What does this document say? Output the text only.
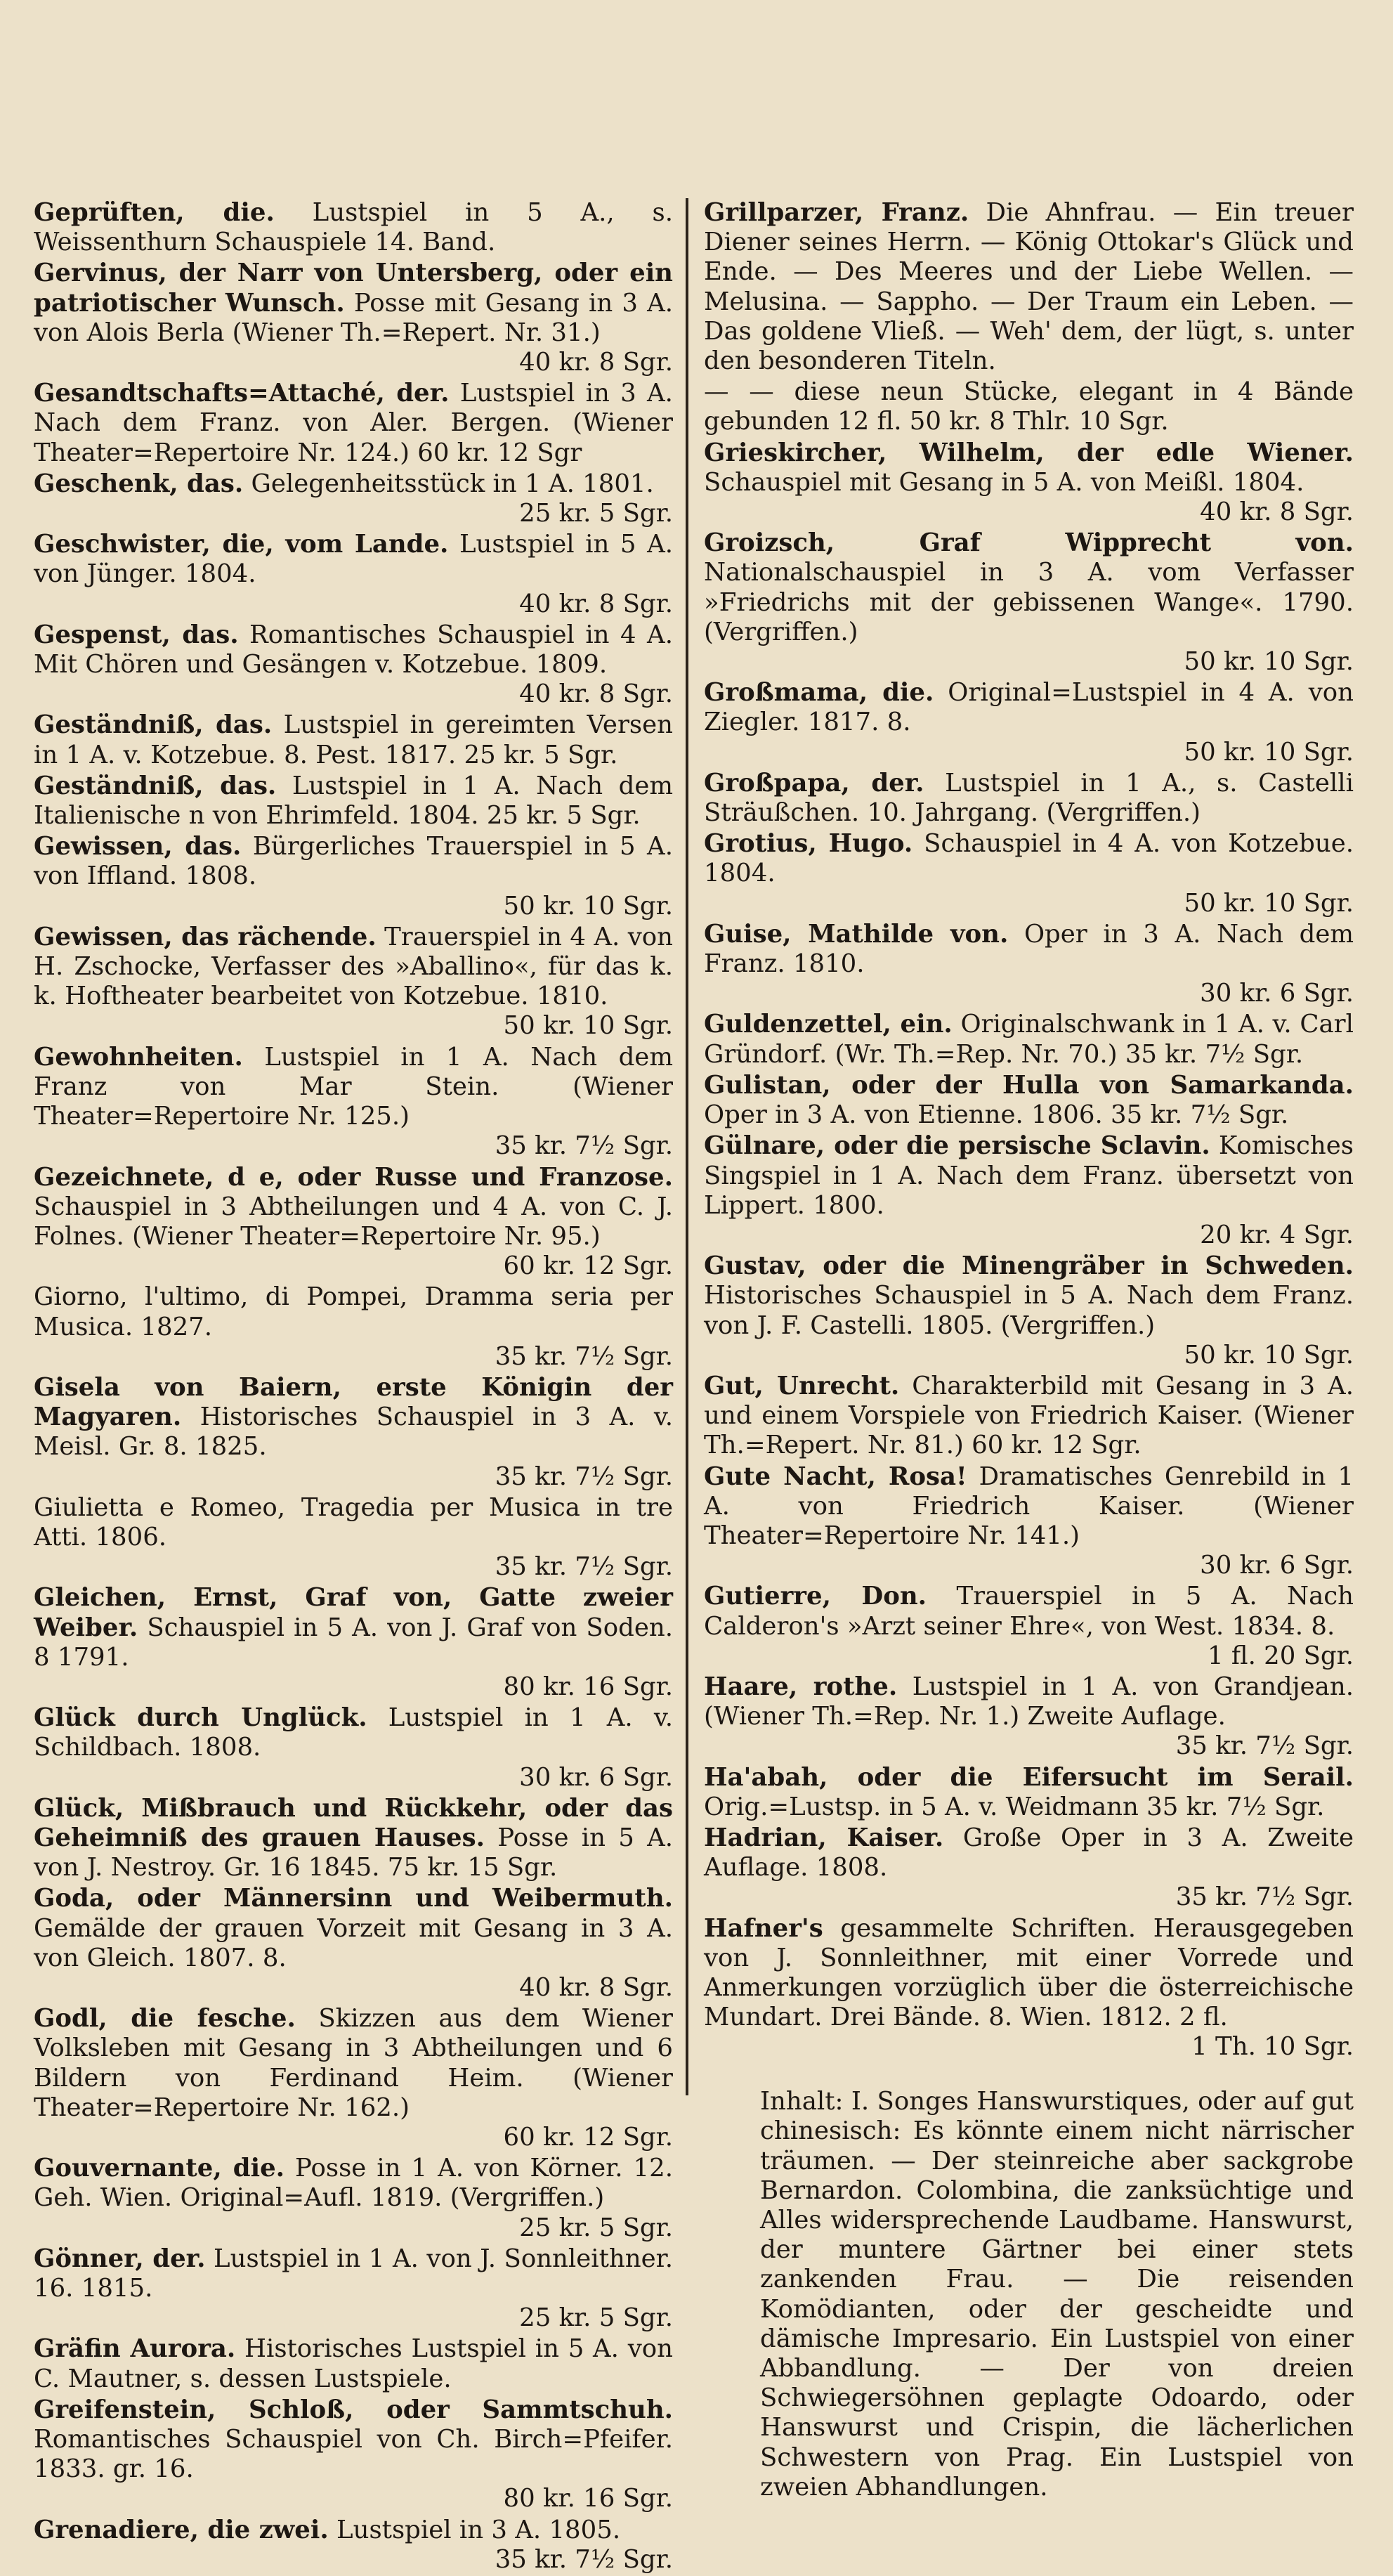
Geprüften, die. Lustspiel in 5 A., s. Weissenthurn Schauspiele 14. Band.

Gervinus, der Narr von Untersberg, oder ein patriotischer Wunsch. Posse mit Gesang in 3 A. von Alois Berla (Wiener Th.=Repert. Nr. 31.)
40 kr. 8 Sgr.

Gesandtschafts=Attaché, der. Lustspiel in 3 A. Nach dem Franz. von Aler. Bergen. (Wiener Theater=Repertoire Nr. 124.) 60 kr. 12 Sgr

Geschenk, das. Gelegenheitsstück in 1 A. 1801.
25 kr. 5 Sgr.

Geschwister, die, vom Lande. Lustspiel in 5 A. von Jünger. 1804.
40 kr. 8 Sgr.

Gespenst, das. Romantisches Schauspiel in 4 A. Mit Chören und Gesängen v. Kotzebue. 1809.
40 kr. 8 Sgr.

Geständniß, das. Lustspiel in gereimten Versen in 1 A. v. Kotzebue. 8. Pest. 1817. 25 kr. 5 Sgr.

Geständniß, das. Lustspiel in 1 A. Nach dem Italienische n von Ehrimfeld. 1804. 25 kr. 5 Sgr.

Gewissen, das. Bürgerliches Trauerspiel in 5 A. von Iffland. 1808.
50 kr. 10 Sgr.

Gewissen, das rächende. Trauerspiel in 4 A. von H. Zschocke, Verfasser des »Aballino«, für das k. k. Hoftheater bearbeitet von Kotzebue. 1810.
50 kr. 10 Sgr.

Gewohnheiten. Lustspiel in 1 A. Nach dem Franz von Mar Stein. (Wiener Theater=Repertoire Nr. 125.)
35 kr. 7½ Sgr.

Gezeichnete, d e, oder Russe und Franzose. Schauspiel in 3 Abtheilungen und 4 A. von C. J. Folnes. (Wiener Theater=Repertoire Nr. 95.)
60 kr. 12 Sgr.

Giorno, l'ultimo, di Pompei, Dramma seria per Musica. 1827.
35 kr. 7½ Sgr.

Gisela von Baiern, erste Königin der Magyaren. Historisches Schauspiel in 3 A. v. Meisl. Gr. 8. 1825.
35 kr. 7½ Sgr.

Giulietta e Romeo, Tragedia per Musica in tre Atti. 1806.
35 kr. 7½ Sgr.

Gleichen, Ernst, Graf von, Gatte zweier Weiber. Schauspiel in 5 A. von J. Graf von Soden. 8 1791.
80 kr. 16 Sgr.

Glück durch Unglück. Lustspiel in 1 A. v. Schildbach. 1808.
30 kr. 6 Sgr.

Glück, Mißbrauch und Rückkehr, oder das Geheimniß des grauen Hauses. Posse in 5 A. von J. Nestroy. Gr. 16 1845. 75 kr. 15 Sgr.

Goda, oder Männersinn und Weibermuth. Gemälde der grauen Vorzeit mit Gesang in 3 A. von Gleich. 1807. 8.
40 kr. 8 Sgr.

Godl, die fesche. Skizzen aus dem Wiener Volksleben mit Gesang in 3 Abtheilungen und 6 Bildern von Ferdinand Heim. (Wiener Theater=Repertoire Nr. 162.)
60 kr. 12 Sgr.

Gouvernante, die. Posse in 1 A. von Körner. 12. Geh. Wien. Original=Aufl. 1819. (Vergriffen.)
25 kr. 5 Sgr.

Gönner, der. Lustspiel in 1 A. von J. Sonnleithner. 16. 1815.
25 kr. 5 Sgr.

Gräfin Aurora. Historisches Lustspiel in 5 A. von C. Mautner, s. dessen Lustspiele.

Greifenstein, Schloß, oder Sammtschuh. Romantisches Schauspiel von Ch. Birch=Pfeifer. 1833. gr. 16.
80 kr. 16 Sgr.

Grenadiere, die zwei. Lustspiel in 3 A. 1805.
35 kr. 7½ Sgr.

Grillparzer, Franz. Die Ahnfrau. — Ein treuer Diener seines Herrn. — König Ottokar's Glück und Ende. — Des Meeres und der Liebe Wellen. — Melusina. — Sappho. — Der Traum ein Leben. — Das goldene Vließ. — Weh' dem, der lügt, s. unter den besonderen Titeln.

— — diese neun Stücke, elegant in 4 Bände gebunden 12 fl. 50 kr. 8 Thlr. 10 Sgr.

Grieskircher, Wilhelm, der edle Wiener. Schauspiel mit Gesang in 5 A. von Meißl. 1804.
40 kr. 8 Sgr.

Groizsch, Graf Wipprecht von. Nationalschauspiel in 3 A. vom Verfasser »Friedrichs mit der gebissenen Wange«. 1790. (Vergriffen.)
50 kr. 10 Sgr.

Großmama, die. Original=Lustspiel in 4 A. von Ziegler. 1817. 8.
50 kr. 10 Sgr.

Großpapa, der. Lustspiel in 1 A., s. Castelli Sträußchen. 10. Jahrgang. (Vergriffen.)

Grotius, Hugo. Schauspiel in 4 A. von Kotzebue. 1804.
50 kr. 10 Sgr.

Guise, Mathilde von. Oper in 3 A. Nach dem Franz. 1810.
30 kr. 6 Sgr.

Guldenzettel, ein. Originalschwank in 1 A. v. Carl Gründorf. (Wr. Th.=Rep. Nr. 70.) 35 kr. 7½ Sgr.

Gulistan, oder der Hulla von Samarkanda. Oper in 3 A. von Etienne. 1806. 35 kr. 7½ Sgr.

Gülnare, oder die persische Sclavin. Komisches Singspiel in 1 A. Nach dem Franz. übersetzt von Lippert. 1800.
20 kr. 4 Sgr.

Gustav, oder die Minengräber in Schweden. Historisches Schauspiel in 5 A. Nach dem Franz. von J. F. Castelli. 1805. (Vergriffen.)
50 kr. 10 Sgr.

Gut, Unrecht. Charakterbild mit Gesang in 3 A. und einem Vorspiele von Friedrich Kaiser. (Wiener Th.=Repert. Nr. 81.) 60 kr. 12 Sgr.

Gute Nacht, Rosa! Dramatisches Genrebild in 1 A. von Friedrich Kaiser. (Wiener Theater=Repertoire Nr. 141.)
30 kr. 6 Sgr.

Gutierre, Don. Trauerspiel in 5 A. Nach Calderon's »Arzt seiner Ehre«, von West. 1834. 8.
1 fl. 20 Sgr.

Haare, rothe. Lustspiel in 1 A. von Grandjean. (Wiener Th.=Rep. Nr. 1.) Zweite Auflage.
35 kr. 7½ Sgr.

Ha'abah, oder die Eifersucht im Serail. Orig.=Lustsp. in 5 A. v. Weidmann 35 kr. 7½ Sgr.

Hadrian, Kaiser. Große Oper in 3 A. Zweite Auflage. 1808.
35 kr. 7½ Sgr.

Hafner's gesammelte Schriften. Herausgegeben von J. Sonnleithner, mit einer Vorrede und Anmerkungen vorzüglich über die österreichische Mundart. Drei Bände. 8. Wien. 1812. 2 fl.
1 Th. 10 Sgr.

Inhalt: I. Songes Hanswurstiques, oder auf gut chinesisch: Es könnte einem nicht närrischer träumen. — Der steinreiche aber sackgrobe Bernardon. Colombina, die zanksüchtige und Alles widersprechende Laudbame. Hanswurst, der muntere Gärtner bei einer stets zankenden Frau. — Die reisenden Komödianten, oder der gescheidte und dämische Impresario. Ein Lustspiel von einer Abbandlung. — Der von dreien Schwiegersöhnen geplagte Odoardo, oder Hanswurst und Crispin, die lächerlichen Schwestern von Prag. Ein Lustspiel von zweien Abhandlungen.
